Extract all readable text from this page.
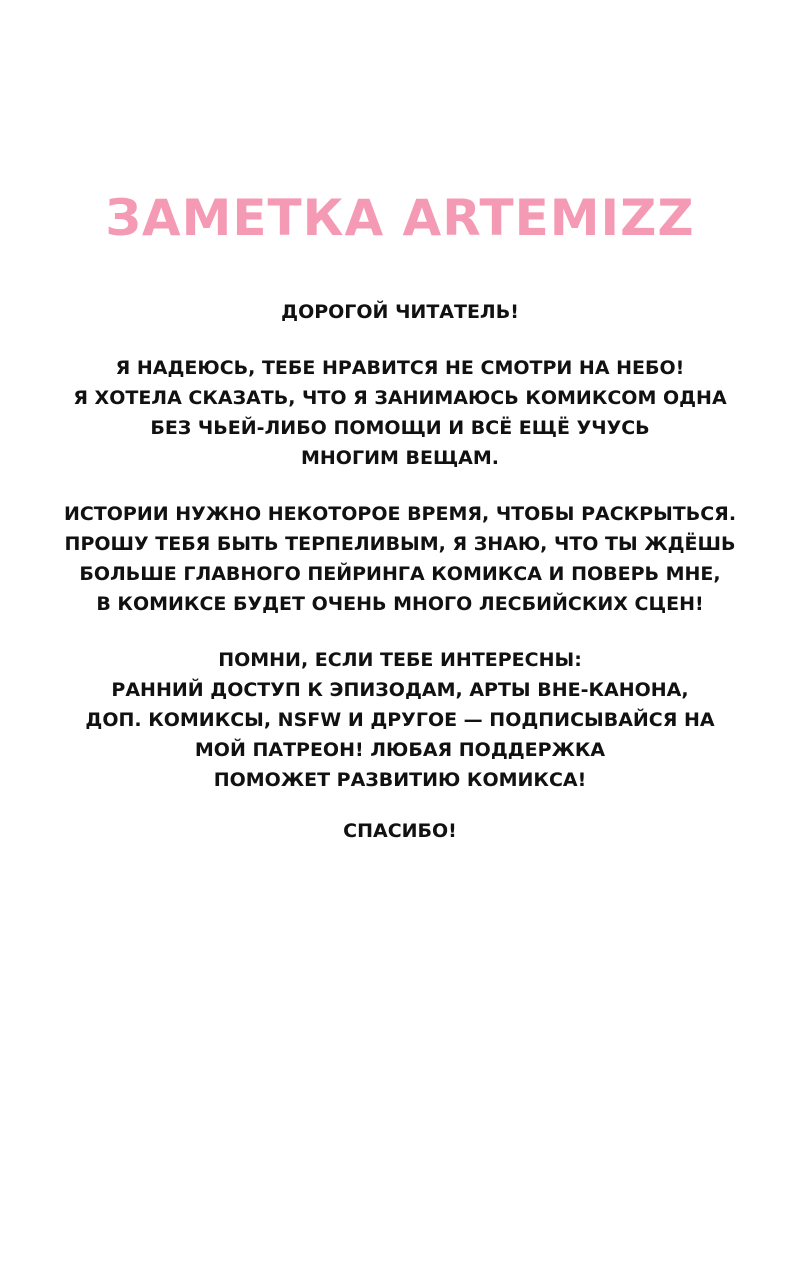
ЗАМЕТКА ARTEMIZZ
ДОРОГОЙ ЧИТАТЕЛЬ!
Я НАДЕЮСЬ, ТЕБЕ НРАВИТСЯ НЕ СМОТРИ НА НЕБО!
Я ХОТЕЛА СКАЗАТЬ, ЧТО Я ЗАНИМАЮСЬ КОМИКСОМ ОДНА
БЕЗ ЧЬЕЙ-ЛИБО ПОМОЩИ И ВСЁ ЕЩЁ УЧУСЬ
МНОГИМ ВЕЩАМ.
ИСТОРИИ НУЖНО НЕКОТОРОЕ ВРЕМЯ, ЧТОБЫ РАСКРЫТЬСЯ.
ПРОШУ ТЕБЯ БЫТЬ ТЕРПЕЛИВЫМ, Я ЗНАЮ, ЧТО ТЫ ЖДЁШЬ
БОЛЬШЕ ГЛАВНОГО ПЕЙРИНГА КОМИКСА И ПОВЕРЬ МНЕ,
В КОМИКСЕ БУДЕТ ОЧЕНЬ МНОГО ЛЕСБИЙСКИХ СЦЕН!
ПОМНИ, ЕСЛИ ТЕБЕ ИНТЕРЕСНЫ:
РАННИЙ ДОСТУП К ЭПИЗОДАМ, АРТЫ ВНЕ-КАНОНА,
ДОП. КОМИКСЫ, NSFW И ДРУГОЕ — ПОДПИСЫВАЙСЯ НА
МОЙ ПАТРЕОН! ЛЮБАЯ ПОДДЕРЖКА
ПОМОЖЕТ РАЗВИТИЮ КОМИКСА!
СПАСИБО!
